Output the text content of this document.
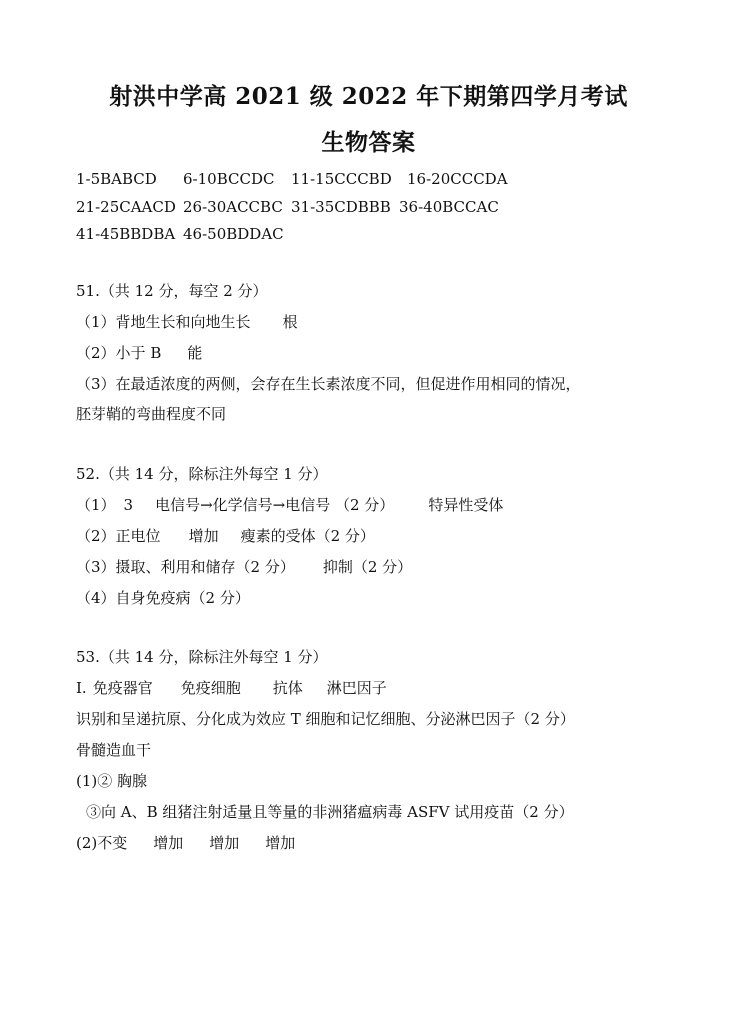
射洪中学高 2021 级 2022 年下期第四学月考试
生物答案
1-5BABCD 6-10BCCDC 11-15CCCBD 16-20CCCDA
21-25CAACD 26-30ACCBC 31-35CDBBB 36-40BCCAC
41-45BBDBA 46-50BDDAC
51.（共 12 分，每空 2 分）
（1）背地生长和向地生长 根
（2）小于 B 能
（3）在最适浓度的两侧，会存在生长素浓度不同，但促进作用相同的情况，
胚芽鞘的弯曲程度不同
52.（共 14 分，除标注外每空 1 分）
（1） 3 电信号→化学信号→电信号 （2 分） 特异性受体
（2）正电位 增加 瘦素的受体（2 分）
（3）摄取、利用和储存（2 分） 抑制（2 分）
（4）自身免疫病（2 分）
53.（共 14 分，除标注外每空 1 分）
I. 免疫器官 免疫细胞 抗体 淋巴因子
识别和呈递抗原、分化成为效应 T 细胞和记忆细胞、分泌淋巴因子（2 分）
骨髓造血干
(1)② 胸腺
③向 A、B 组猪注射适量且等量的非洲猪瘟病毒 ASFV 试用疫苗（2 分）
(2)不变 增加 增加 增加
